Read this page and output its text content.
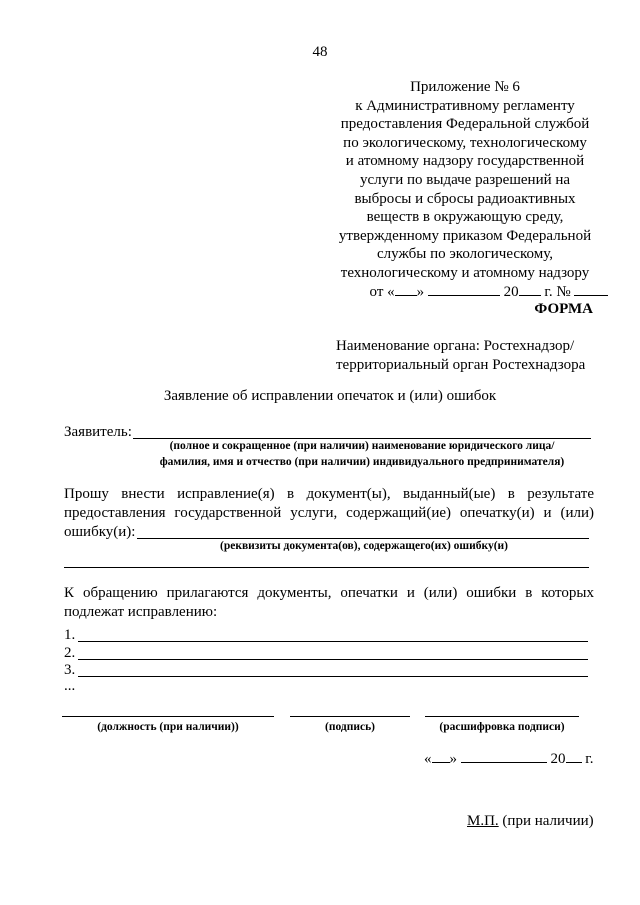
48
Приложение № 6
к Административному регламенту
предоставления Федеральной службой
по экологическому, технологическому
и атомному надзору государственной
услуги по выдаче разрешений на
выбросы и сбросы радиоактивных
веществ в окружающую среду,
утвержденному приказом Федеральной
службы по экологическому,
технологическому и атомному надзору
от « »	20 г. №
ФОРМА
Наименование органа: Ростехнадзор/
территориальный орган Ростехнадзора
Заявление об исправлении опечаток и (или) ошибок
Заявитель:
(полное и сокращенное (при наличии) наименование юридического лица/
фамилия, имя и отчество (при наличии) индивидуального предпринимателя)
Прошу внести исправление(я) в документ(ы), выданный(ые) в результате
предоставления государственной услуги, содержащий(ие) опечатку(и) и (или)
ошибку(и):
(реквизиты документа(ов), содержащего(их) ошибку(и)
К обращению прилагаются документы, опечатки и (или) ошибки в которых
подлежат исправлению:
1.
2.
3.
...
(должность (при наличии))	(подпись)	(расшифровка подписи)
« »	20 г.
М.П. (при наличии)
